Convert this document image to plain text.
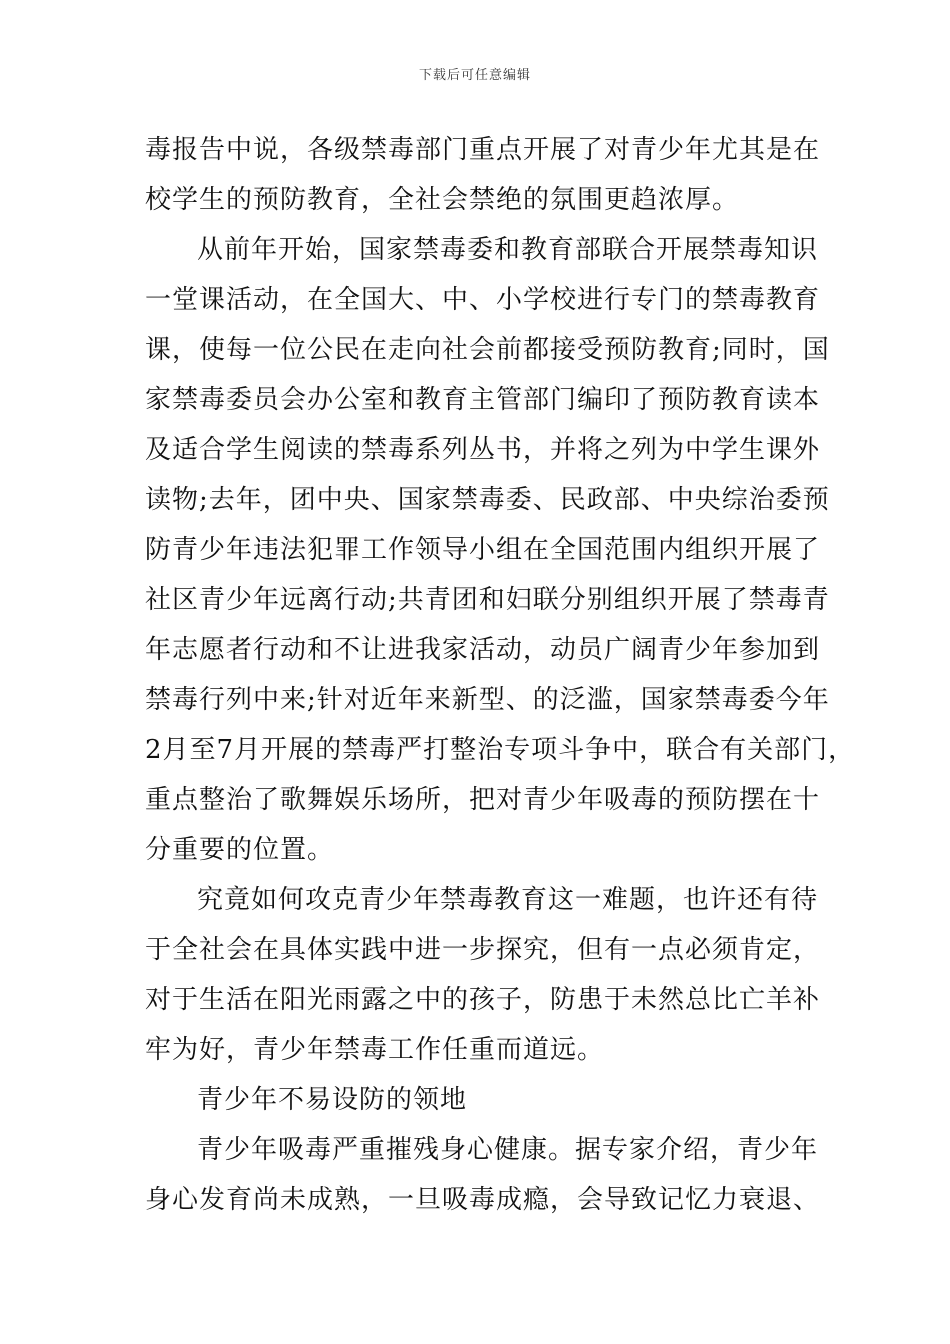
下载后可任意编辑
毒报告中说，各级禁毒部门重点开展了对青少年尤其是在
校学生的预防教育，全社会禁绝的氛围更趋浓厚。
从前年开始，国家禁毒委和教育部联合开展禁毒知识
一堂课活动，在全国大、中、小学校进行专门的禁毒教育
课，使每一位公民在走向社会前都接受预防教育;同时，国
家禁毒委员会办公室和教育主管部门编印了预防教育读本
及适合学生阅读的禁毒系列丛书，并将之列为中学生课外
读物;去年，团中央、国家禁毒委、民政部、中央综治委预
防青少年违法犯罪工作领导小组在全国范围内组织开展了
社区青少年远离行动;共青团和妇联分别组织开展了禁毒青
年志愿者行动和不让进我家活动，动员广阔青少年参加到
禁毒行列中来;针对近年来新型、的泛滥，国家禁毒委今年
2月至7月开展的禁毒严打整治专项斗争中，联合有关部门，
重点整治了歌舞娱乐场所，把对青少年吸毒的预防摆在十
分重要的位置。
究竟如何攻克青少年禁毒教育这一难题，也许还有待
于全社会在具体实践中进一步探究，但有一点必须肯定，
对于生活在阳光雨露之中的孩子，防患于未然总比亡羊补
牢为好，青少年禁毒工作任重而道远。
青少年不易设防的领地
青少年吸毒严重摧残身心健康。据专家介绍，青少年
身心发育尚未成熟，一旦吸毒成瘾，会导致记忆力衰退、
